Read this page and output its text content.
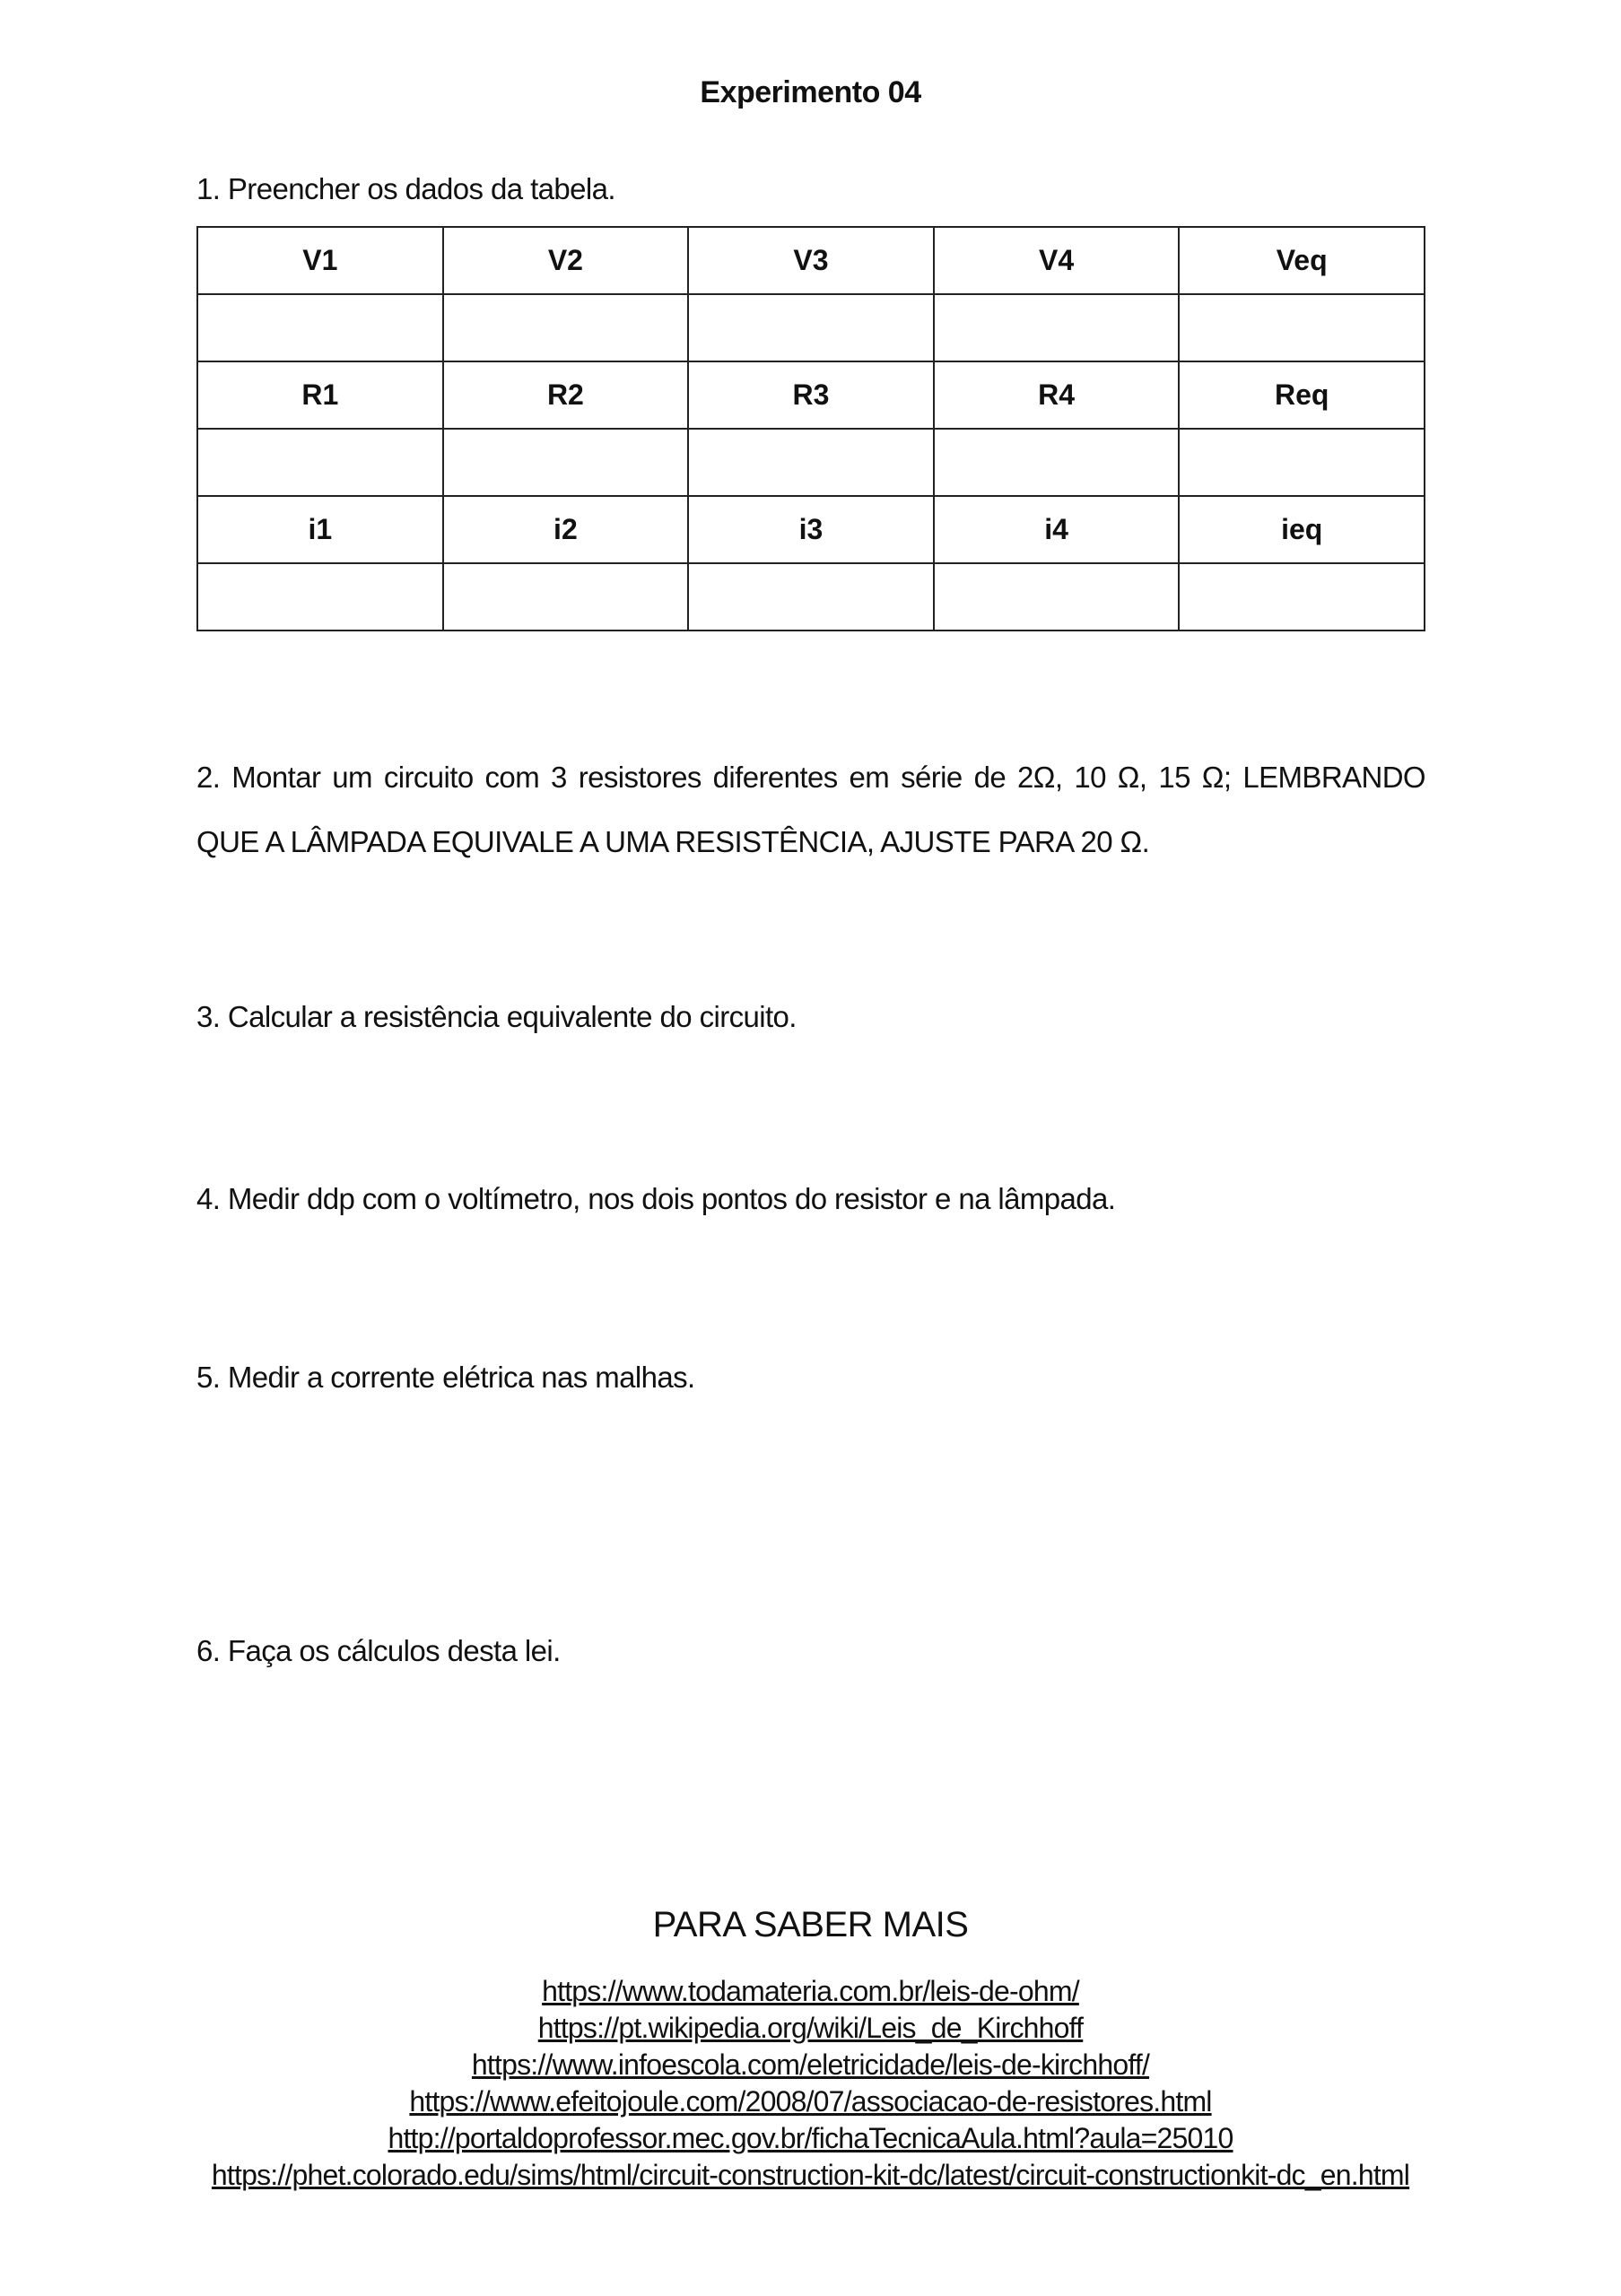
Experimento 04
1. Preencher os dados da tabela.
V1	V2	V3	V4	Veq

R1	R2	R3	R4	Req

i1	i2	i3	i4	ieq

2. Montar um circuito com 3 resistores diferentes em série de 2Ω, 10 Ω, 15 Ω; LEMBRANDO QUE A LÂMPADA EQUIVALE A UMA RESISTÊNCIA, AJUSTE PARA 20 Ω.
3. Calcular a resistência equivalente do circuito.
4. Medir ddp com o voltímetro, nos dois pontos do resistor e na lâmpada.
5. Medir a corrente elétrica nas malhas.
6. Faça os cálculos desta lei.
PARA SABER MAIS
https://www.todamateria.com.br/leis-de-ohm/
https://pt.wikipedia.org/wiki/Leis_de_Kirchhoff
https://www.infoescola.com/eletricidade/leis-de-kirchhoff/
https://www.efeitojoule.com/2008/07/associacao-de-resistores.html
http://portaldoprofessor.mec.gov.br/fichaTecnicaAula.html?aula=25010
https://phet.colorado.edu/sims/html/circuit-construction-kit-dc/latest/circuit-constructionkit-dc_en.html
